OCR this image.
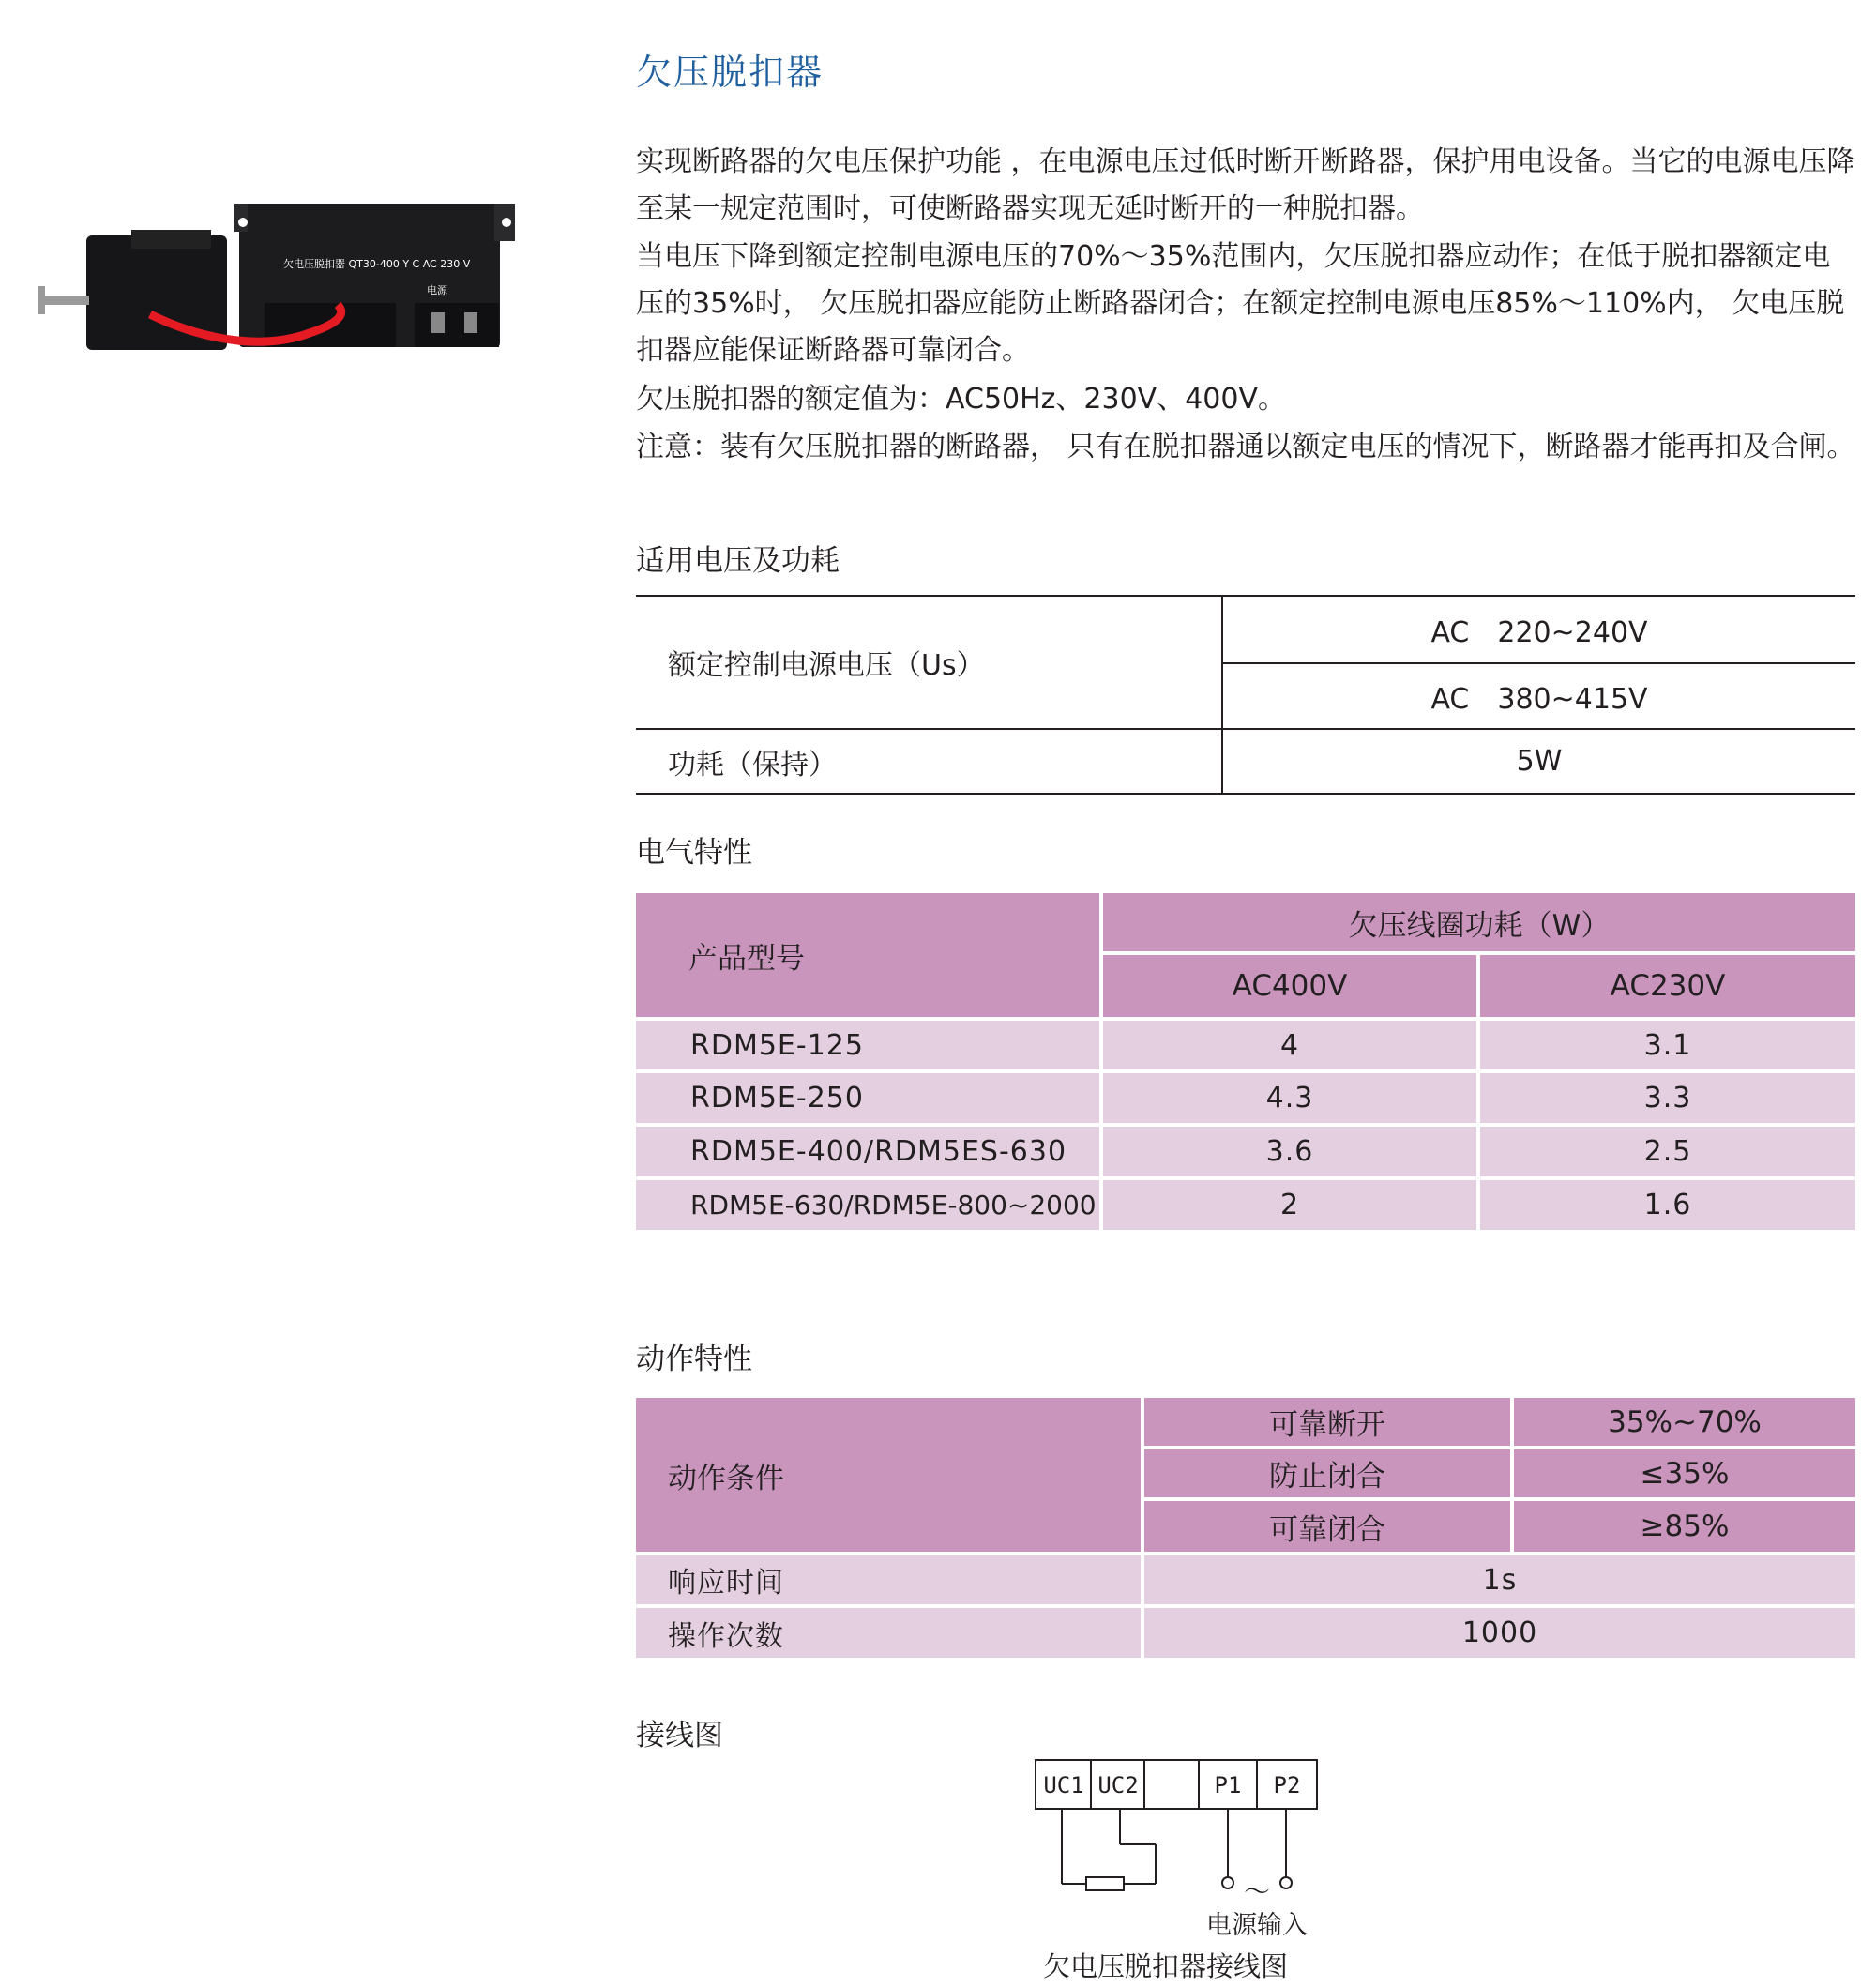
欠压脱扣器
欠电压脱扣器 QT30-400 Y C AC 230 V
电源
实现断路器的欠电压保护功能 ，在电源电压过低时断开断路器，保护用电设备。当它的电源电压降至某一规定范围时，可使断路器实现无延时断开的一种脱扣器。
当电压下降到额定控制电源电压的70%～35%范围内，欠压脱扣器应动作；在低于脱扣器额定电压的35%时， 欠压脱扣器应能防止断路器闭合；在额定控制电源电压85%～110%内， 欠电压脱扣器应能保证断路器可靠闭合。
欠压脱扣器的额定值为：AC50Hz、230V、400V。
注意：装有欠压脱扣器的断路器， 只有在脱扣器通以额定电压的情况下，断路器才能再扣及合闸。
适用电压及功耗
额定控制电源电压（Us）
AC　220~240V
AC　380~415V
功耗（保持）	5W
电气特性
产品型号
欠压线圈功耗（W）
AC400V	AC230V
RDM5E-125	4	3.1
RDM5E-250	4.3	3.3
RDM5E-400/RDM5ES-630	3.6	2.5
RDM5E-630/RDM5E-800~2000	2	1.6
动作特性
动作条件
可靠断开	35%~70%
防止闭合	≤35%
可靠闭合	≥85%
响应时间	1s
操作次数	1000
接线图
UC1 UC2	P1 P2
～
电源输入
欠电压脱扣器接线图
